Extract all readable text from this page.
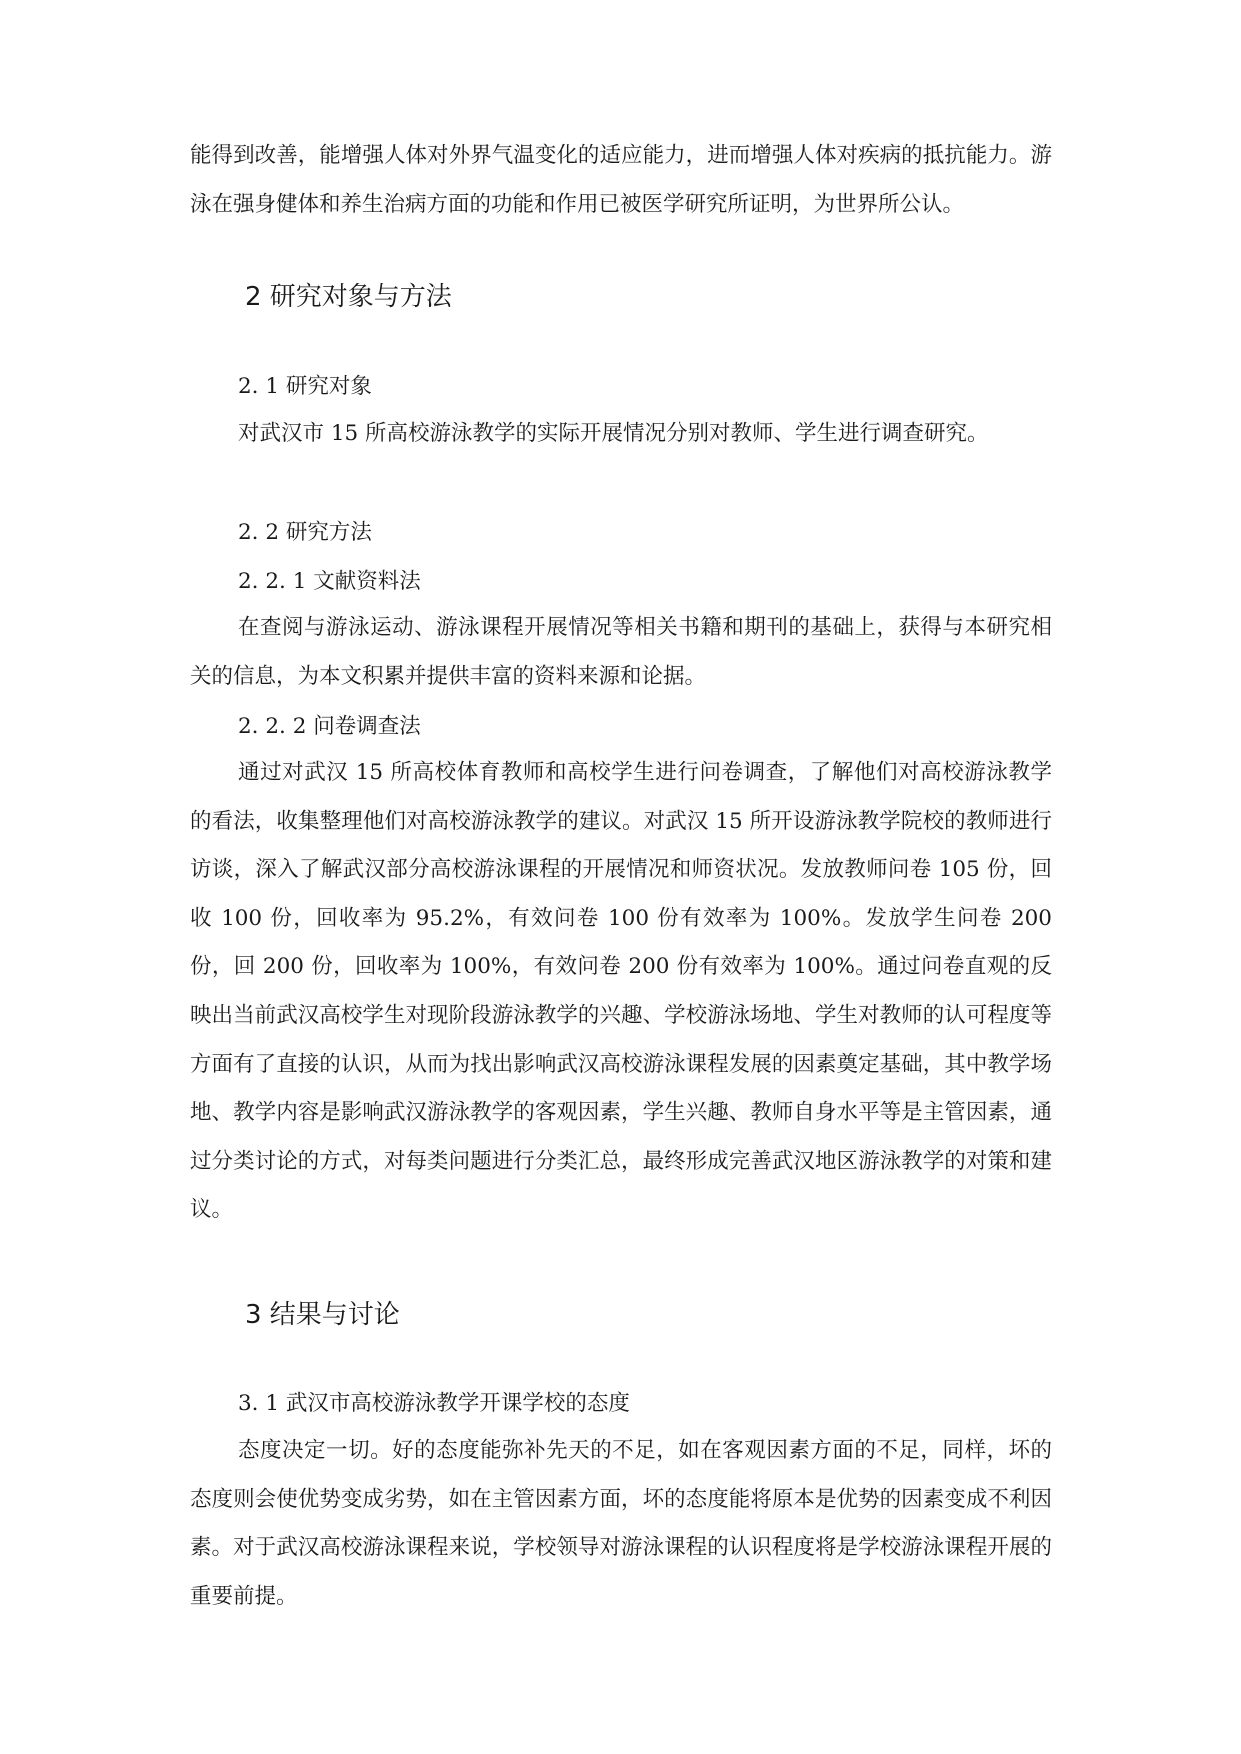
能得到改善，能增强人体对外界气温变化的适应能力，进而增强人体对疾病的抵抗能力。游泳在强身健体和养生治病方面的功能和作用已被医学研究所证明，为世界所公认。

2 研究对象与方法
2. 1 研究对象

对武汉市 15 所高校游泳教学的实际开展情况分别对教师、学生进行调查研究。

2. 2 研究方法
2. 2. 1 文献资料法

在查阅与游泳运动、游泳课程开展情况等相关书籍和期刊的基础上，获得与本研究相关的信息，为本文积累并提供丰富的资料来源和论据。

2. 2. 2 问卷调查法

通过对武汉 15 所高校体育教师和高校学生进行问卷调查，了解他们对高校游泳教学的看法，收集整理他们对高校游泳教学的建议。对武汉 15 所开设游泳教学院校的教师进行访谈，深入了解武汉部分高校游泳课程的开展情况和师资状况。发放教师问卷 105 份，回收 100 份，回收率为 95.2%，有效问卷 100 份有效率为 100%。发放学生问卷 200 份，回 200 份，回收率为 100%，有效问卷 200 份有效率为 100%。通过问卷直观的反映出当前武汉高校学生对现阶段游泳教学的兴趣、学校游泳场地、学生对教师的认可程度等方面有了直接的认识，从而为找出影响武汉高校游泳课程发展的因素奠定基础，其中教学场地、教学内容是影响武汉游泳教学的客观因素，学生兴趣、教师自身水平等是主管因素，通过分类讨论的方式，对每类问题进行分类汇总，最终形成完善武汉地区游泳教学的对策和建议。

3 结果与讨论
3. 1 武汉市高校游泳教学开课学校的态度

态度决定一切。好的态度能弥补先天的不足，如在客观因素方面的不足，同样，坏的态度则会使优势变成劣势，如在主管因素方面，坏的态度能将原本是优势的因素变成不利因素。对于武汉高校游泳课程来说，学校领导对游泳课程的认识程度将是学校游泳课程开展的重要前提。
